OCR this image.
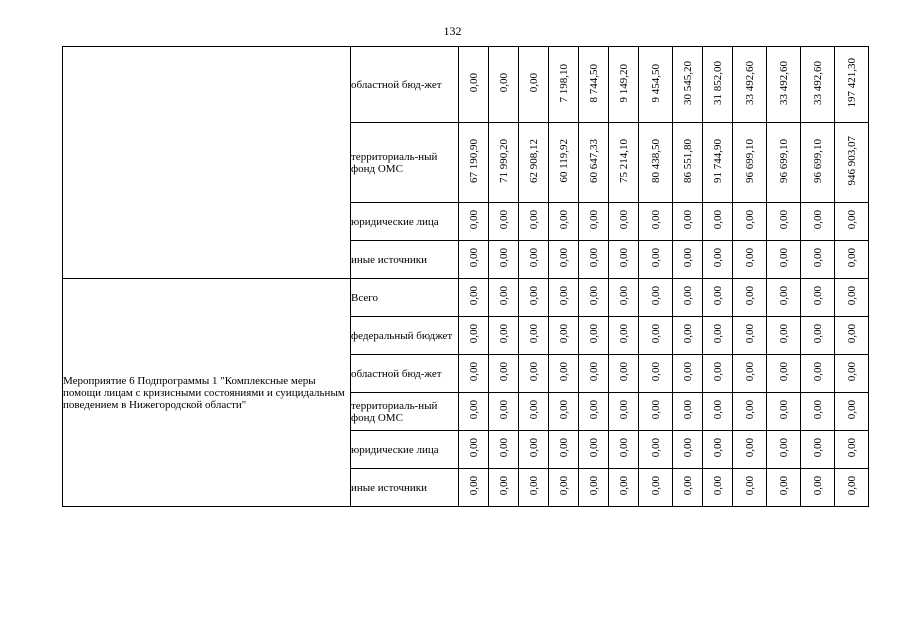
132
	областной бюд-жет	0,00	0,00	0,00	7 198,10	8 744,50	9 149,20	9 454,50	30 545,20	31 852,00	33 492,60	33 492,60	33 492,60	197 421,30
	территориаль-ный фонд ОМС	67 190,90	71 990,20	62 908,12	60 119,92	60 647,33	75 214,10	80 438,50	86 551,80	91 744,90	96 699,10	96 699,10	96 699,10	946 903,07
	юридические лица	0,00	0,00	0,00	0,00	0,00	0,00	0,00	0,00	0,00	0,00	0,00	0,00	0,00
	иные источники	0,00	0,00	0,00	0,00	0,00	0,00	0,00	0,00	0,00	0,00	0,00	0,00	0,00
Мероприятие 6 Подпрограммы 1 "Комплексные меры помощи лицам с кризисными состояниями и суицидальным поведением в Нижегородской области"	Всего	0,00	0,00	0,00	0,00	0,00	0,00	0,00	0,00	0,00	0,00	0,00	0,00	0,00
	федеральный бюджет	0,00	0,00	0,00	0,00	0,00	0,00	0,00	0,00	0,00	0,00	0,00	0,00	0,00
	областной бюд-жет	0,00	0,00	0,00	0,00	0,00	0,00	0,00	0,00	0,00	0,00	0,00	0,00	0,00
	территориаль-ный фонд ОМС	0,00	0,00	0,00	0,00	0,00	0,00	0,00	0,00	0,00	0,00	0,00	0,00	0,00
	юридические лица	0,00	0,00	0,00	0,00	0,00	0,00	0,00	0,00	0,00	0,00	0,00	0,00	0,00
	иные источники	0,00	0,00	0,00	0,00	0,00	0,00	0,00	0,00	0,00	0,00	0,00	0,00	0,00
